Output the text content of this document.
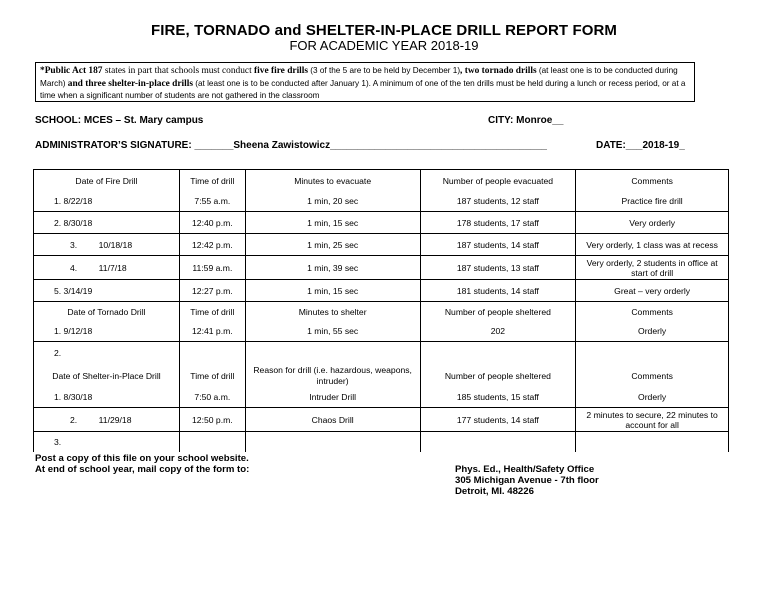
FIRE, TORNADO and SHELTER-IN-PLACE DRILL REPORT FORM
FOR ACADEMIC YEAR 2018-19
*Public Act 187 states in part that schools must conduct five fire drills (3 of the 5 are to be held by December 1), two tornado drills (at least one is to be conducted during March) and three shelter-in-place drills (at least one is to be conducted after January 1). A minimum of one of the ten drills must be held during a lunch or recess period, or at a time when a significant number of students are not gathered in the classroom
SCHOOL: MCES – St. Mary campus	CITY: Monroe__
ADMINISTRATOR’S SIGNATURE: _______Sheena Zawistowicz_______________________________________	DATE:___2018-19_
Date of Fire Drill	Time of drill	Minutes to evacuate	Number of people evacuated	Comments
1. 8/22/18	7:55 a.m.	1 min, 20 sec	187 students, 12 staff	Practice fire drill
2. 8/30/18	12:40 p.m.	1 min, 15 sec	178 students, 17 staff	Very orderly
3.         10/18/18	12:42 p.m.	1 min, 25 sec	187 students, 14 staff	Very orderly, 1 class was at recess
4.         11/7/18	11:59 a.m.	1 min, 39 sec	187 students, 13 staff	Very orderly, 2 students in office at start of drill
5. 3/14/19	12:27 p.m.	1 min, 15 sec	181 students, 14 staff	Great – very orderly
Date of Tornado Drill	Time of drill	Minutes to shelter	Number of people sheltered	Comments
1. 9/12/18	12:41 p.m.	1 min, 55 sec	202	Orderly
2.				
Date of Shelter-in-Place Drill	Time of drill	Reason for drill (i.e. hazardous, weapons, intruder)	Number of people sheltered	Comments
1. 8/30/18	7:50 a.m.	Intruder Drill	185 students, 15 staff	Orderly
2.         11/29/18	12:50 p.m.	Chaos Drill	177 students, 14 staff	2 minutes to secure, 22 minutes to account for all
3.				
Post a copy of this file on your school website.
At end of school year, mail copy of the form to:	Phys. Ed., Health/Safety Office
305 Michigan Avenue - 7th floor
Detroit, MI. 48226
